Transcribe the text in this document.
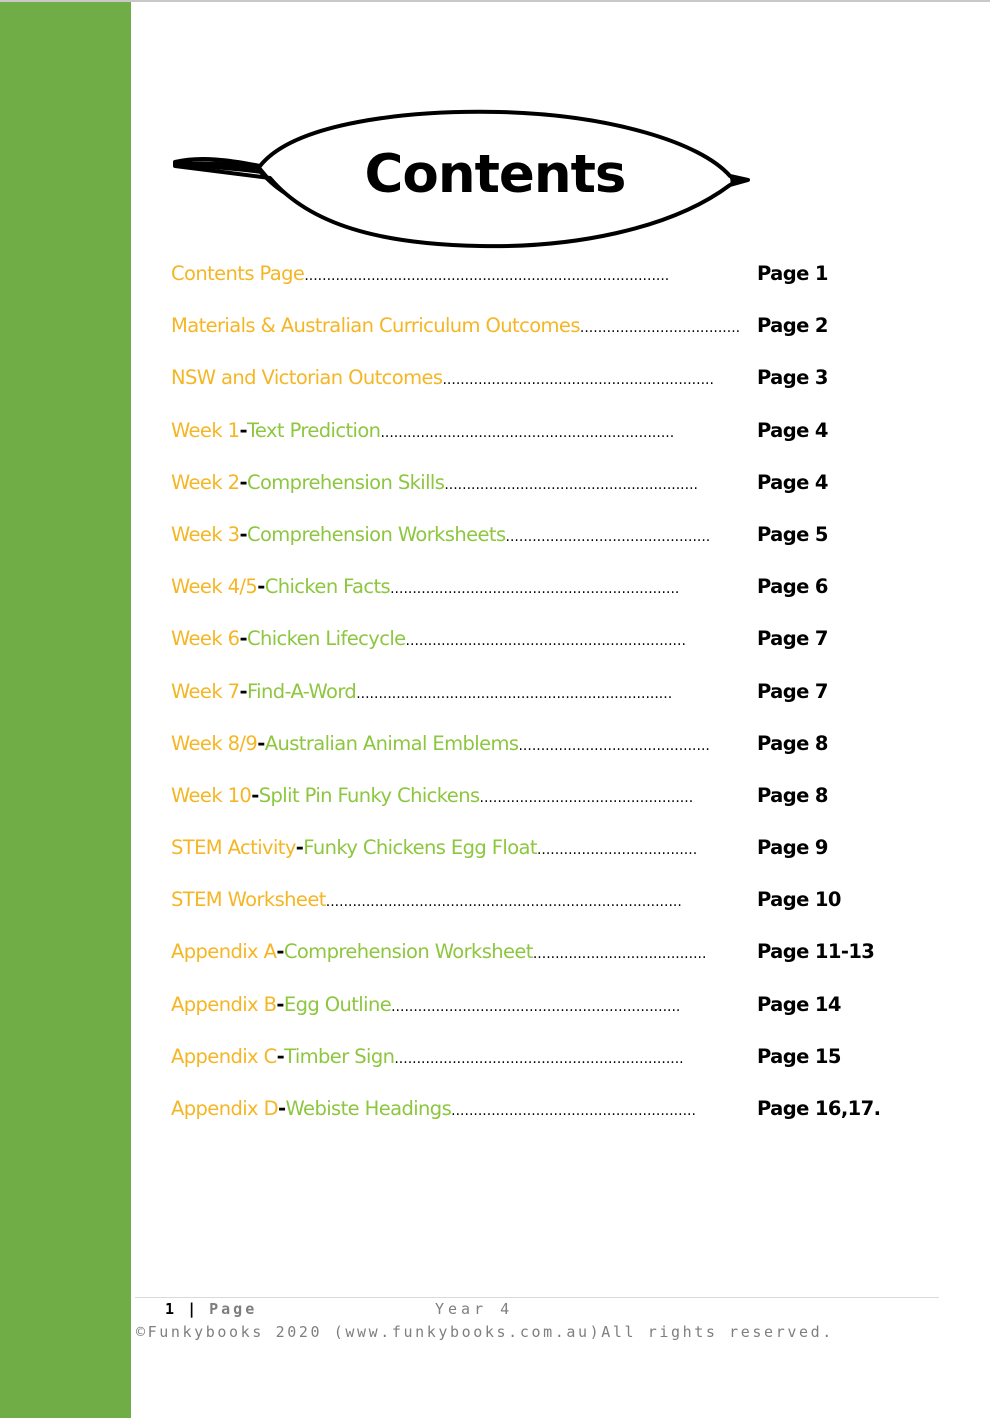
Contents
Contents Page ..................................................................................	Page 1
Materials & Australian Curriculum Outcomes .................................... Page 2
NSW and Victorian Outcomes .............................................................	Page 3
Week 1 - Text Prediction ..................................................................	Page 4
Week 2 - Comprehension Skills .........................................................	Page 4
Week 3 - Comprehension Worksheets ..............................................	Page 5
Week 4/5 - Chicken Facts .................................................................	Page 6
Week 6 - Chicken Lifecycle ...............................................................	Page 7
Week 7 - Find-A-Word .......................................................................	Page 7
Week 8/9 - Australian Animal Emblems ...........................................	Page 8
Week 10 - Split Pin Funky Chickens ................................................	Page 8
STEM Activity - Funky Chickens Egg Float ....................................	Page 9
STEM Worksheet ................................................................................	Page 10
Appendix A - Comprehension Worksheet .......................................	Page 11-13
Appendix B - Egg Outline .................................................................	Page 14
Appendix C - Timber Sign .................................................................	Page 15
Appendix D - Webiste Headings .......................................................	Page 16,17.
1 | Page	Year 4
©Funkybooks 2020 (www.funkybooks.com.au)All rights reserved.
